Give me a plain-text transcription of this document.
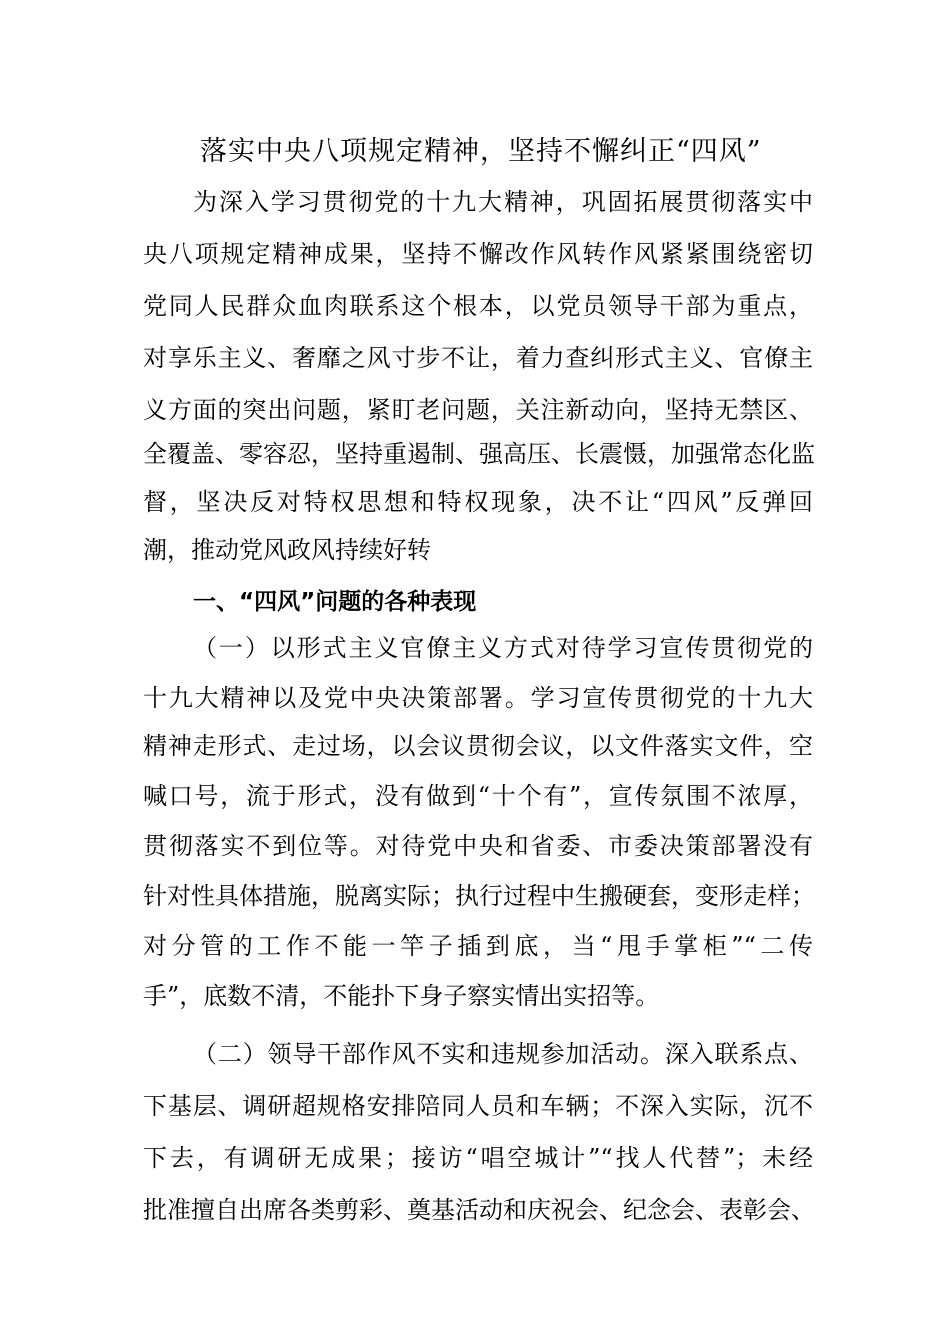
落实中央八项规定精神，坚持不懈纠正“四风”
为深入学习贯彻党的十九大精神，巩固拓展贯彻落实中
央八项规定精神成果，坚持不懈改作风转作风紧紧围绕密切
党同人民群众血肉联系这个根本，以党员领导干部为重点，
对享乐主义、奢靡之风寸步不让，着力查纠形式主义、官僚主
义方面的突出问题，紧盯老问题，关注新动向，坚持无禁区、
全覆盖、零容忍，坚持重遏制、强高压、长震慑，加强常态化监
督，坚决反对特权思想和特权现象，决不让“四风”反弹回
潮，推动党风政风持续好转
一、“四风”问题的各种表现
（一）以形式主义官僚主义方式对待学习宣传贯彻党的
十九大精神以及党中央决策部署。学习宣传贯彻党的十九大
精神走形式、走过场，以会议贯彻会议，以文件落实文件，空
喊口号，流于形式，没有做到“十个有”，宣传氛围不浓厚，
贯彻落实不到位等。对待党中央和省委、市委决策部署没有
针对性具体措施，脱离实际；执行过程中生搬硬套，变形走样；
对分管的工作不能一竿子插到底，当“甩手掌柜”“二传
手”，底数不清，不能扑下身子察实情出实招等。
（二）领导干部作风不实和违规参加活动。深入联系点、
下基层、调研超规格安排陪同人员和车辆；不深入实际，沉不
下去，有调研无成果；接访“唱空城计”“找人代替”；未经
批准擅自出席各类剪彩、奠基活动和庆祝会、纪念会、表彰会、
